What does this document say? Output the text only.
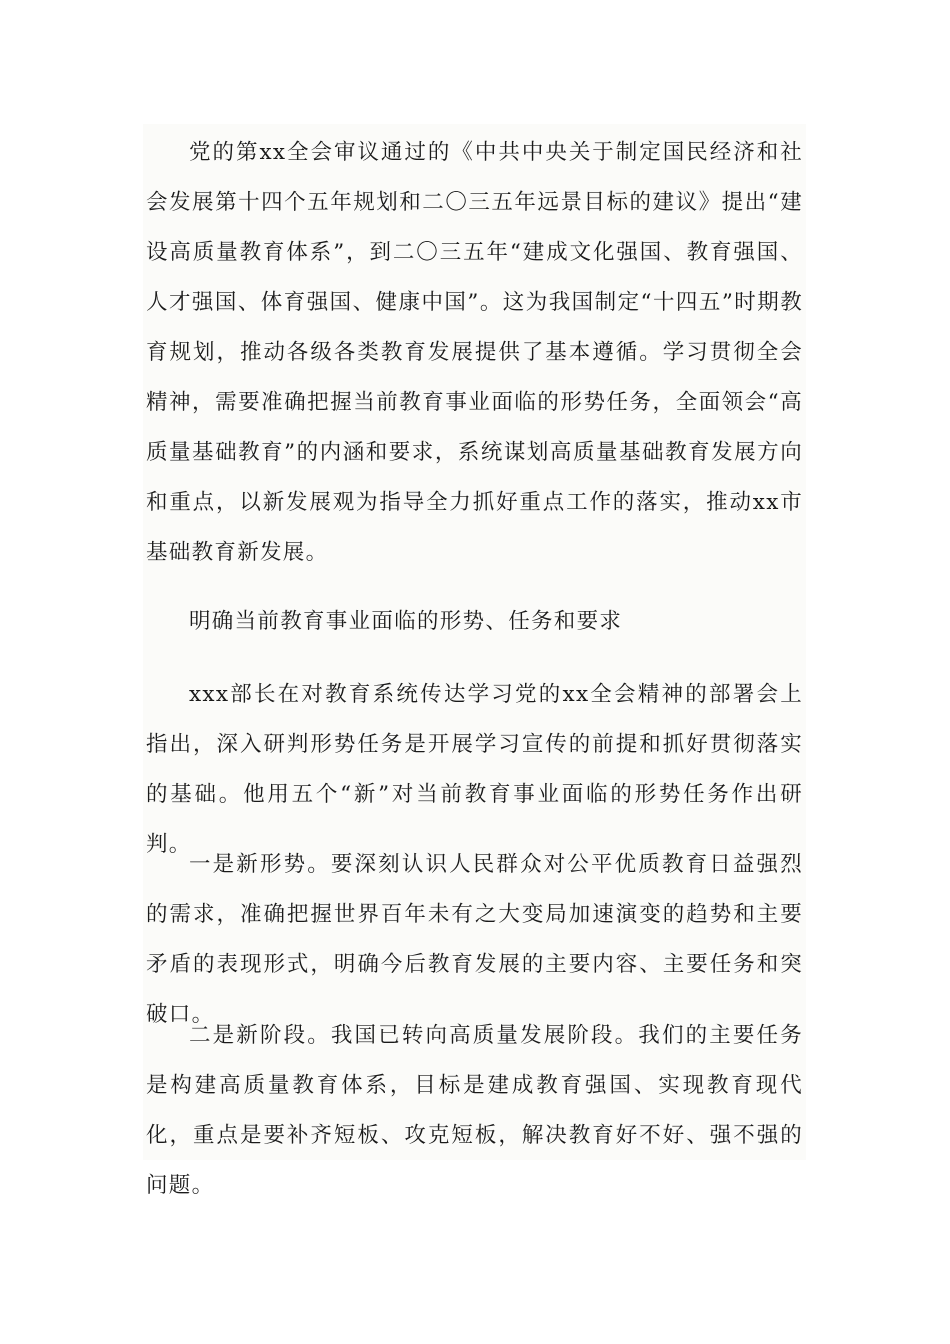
党的第xx全会审议通过的《中共中央关于制定国民经济和社会发展第十四个五年规划和二〇三五年远景目标的建议》提出“建设高质量教育体系”，到二〇三五年“建成文化强国、教育强国、人才强国、体育强国、健康中国”。这为我国制定“十四五”时期教育规划，推动各级各类教育发展提供了基本遵循。学习贯彻全会精神，需要准确把握当前教育事业面临的形势任务，全面领会“高质量基础教育”的内涵和要求，系统谋划高质量基础教育发展方向和重点，以新发展观为指导全力抓好重点工作的落实，推动xx市基础教育新发展。

明确当前教育事业面临的形势、任务和要求

xxx部长在对教育系统传达学习党的xx全会精神的部署会上指出，深入研判形势任务是开展学习宣传的前提和抓好贯彻落实的基础。他用五个“新”对当前教育事业面临的形势任务作出研判。

一是新形势。要深刻认识人民群众对公平优质教育日益强烈的需求，准确把握世界百年未有之大变局加速演变的趋势和主要矛盾的表现形式，明确今后教育发展的主要内容、主要任务和突破口。

二是新阶段。我国已转向高质量发展阶段。我们的主要任务是构建高质量教育体系，目标是建成教育强国、实现教育现代化，重点是要补齐短板、攻克短板，解决教育好不好、强不强的问题。
